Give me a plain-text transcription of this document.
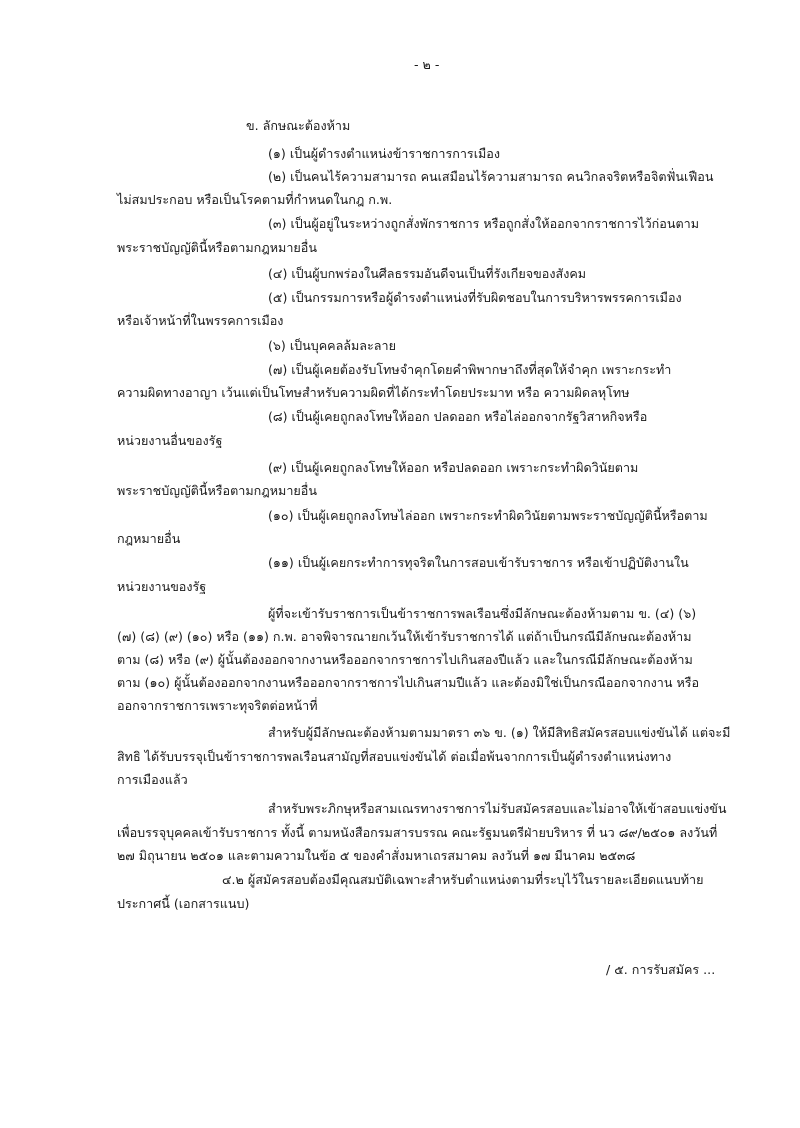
- ๒ -
ข. ลักษณะต้องห้าม
(๑) เป็นผู้ดำรงตำแหน่งข้าราชการการเมือง
(๒) เป็นคนไร้ความสามารถ คนเสมือนไร้ความสามารถ คนวิกลจริตหรือจิตฟั่นเฟือน
ไม่สมประกอบ หรือเป็นโรคตามที่กำหนดในกฎ ก.พ.
(๓) เป็นผู้อยู่ในระหว่างถูกสั่งพักราชการ หรือถูกสั่งให้ออกจากราชการไว้ก่อนตาม
พระราชบัญญัตินี้หรือตามกฎหมายอื่น
(๔) เป็นผู้บกพร่องในศีลธรรมอันดีจนเป็นที่รังเกียจของสังคม
(๕) เป็นกรรมการหรือผู้ดำรงตำแหน่งที่รับผิดชอบในการบริหารพรรคการเมือง
หรือเจ้าหน้าที่ในพรรคการเมือง
(๖) เป็นบุคคลล้มละลาย
(๗) เป็นผู้เคยต้องรับโทษจำคุกโดยคำพิพากษาถึงที่สุดให้จำคุก เพราะกระทำ
ความผิดทางอาญา เว้นแต่เป็นโทษสำหรับความผิดที่ได้กระทำโดยประมาท หรือ ความผิดลหุโทษ
(๘) เป็นผู้เคยถูกลงโทษให้ออก ปลดออก หรือไล่ออกจากรัฐวิสาหกิจหรือ
หน่วยงานอื่นของรัฐ
(๙) เป็นผู้เคยถูกลงโทษให้ออก หรือปลดออก เพราะกระทำผิดวินัยตาม
พระราชบัญญัตินี้หรือตามกฎหมายอื่น
(๑๐) เป็นผู้เคยถูกลงโทษไล่ออก เพราะกระทำผิดวินัยตามพระราชบัญญัตินี้หรือตาม
กฎหมายอื่น
(๑๑) เป็นผู้เคยกระทำการทุจริตในการสอบเข้ารับราชการ หรือเข้าปฏิบัติงานใน
หน่วยงานของรัฐ
ผู้ที่จะเข้ารับราชการเป็นข้าราชการพลเรือนซึ่งมีลักษณะต้องห้ามตาม ข. (๔) (๖)
(๗) (๘) (๙) (๑๐) หรือ (๑๑) ก.พ. อาจพิจารณายกเว้นให้เข้ารับราชการได้ แต่ถ้าเป็นกรณีมีลักษณะต้องห้าม
ตาม (๘) หรือ (๙) ผู้นั้นต้องออกจากงานหรือออกจากราชการไปเกินสองปีแล้ว และในกรณีมีลักษณะต้องห้าม
ตาม (๑๐) ผู้นั้นต้องออกจากงานหรือออกจากราชการไปเกินสามปีแล้ว และต้องมิใช่เป็นกรณีออกจากงาน หรือ
ออกจากราชการเพราะทุจริตต่อหน้าที่
สำหรับผู้มีลักษณะต้องห้ามตามมาตรา ๓๖ ข. (๑) ให้มีสิทธิสมัครสอบแข่งขันได้ แต่จะมี
สิทธิ ได้รับบรรจุเป็นข้าราชการพลเรือนสามัญที่สอบแข่งขันได้ ต่อเมื่อพ้นจากการเป็นผู้ดำรงตำแหน่งทาง
การเมืองแล้ว
สำหรับพระภิกษุหรือสามเณรทางราชการไม่รับสมัครสอบและไม่อาจให้เข้าสอบแข่งขัน
เพื่อบรรจุบุคคลเข้ารับราชการ ทั้งนี้ ตามหนังสือกรมสารบรรณ คณะรัฐมนตรีฝ่ายบริหาร ที่ นว ๘๙/๒๕๐๑ ลงวันที่
๒๗ มิถุนายน ๒๕๐๑ และตามความในข้อ ๕ ของคำสั่งมหาเถรสมาคม ลงวันที่ ๑๗ มีนาคม ๒๕๓๘
๔.๒ ผู้สมัครสอบต้องมีคุณสมบัติเฉพาะสำหรับตำแหน่งตามที่ระบุไว้ในรายละเอียดแนบท้าย
ประกาศนี้ (เอกสารแนบ)
/ ๕. การรับสมัคร ...
